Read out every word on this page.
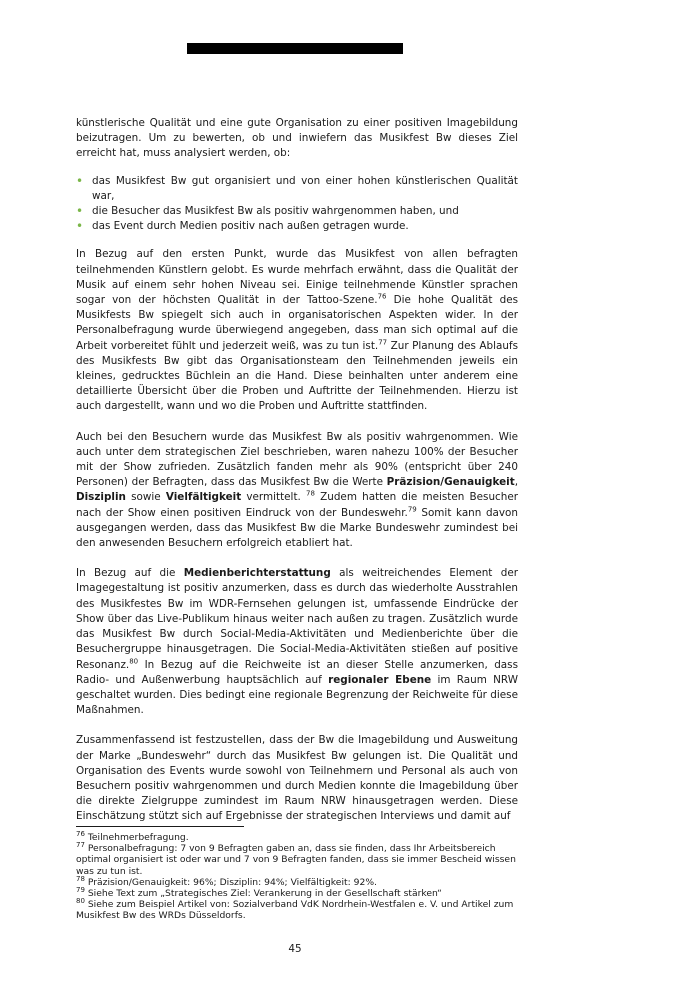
künstlerische Qualität und eine gute Organisation zu einer positiven Imagebildung beizutragen. Um zu bewerten, ob und inwiefern das Musikfest Bw dieses Ziel erreicht hat, muss analysiert werden, ob:

• das Musikfest Bw gut organisiert und von einer hohen künstlerischen Qualität war,
• die Besucher das Musikfest Bw als positiv wahrgenommen haben, und
• das Event durch Medien positiv nach außen getragen wurde.

In Bezug auf den ersten Punkt, wurde das Musikfest von allen befragten teilnehmenden Künstlern gelobt. Es wurde mehrfach erwähnt, dass die Qualität der Musik auf einem sehr hohen Niveau sei. Einige teilnehmende Künstler sprachen sogar von der höchsten Qualität in der Tattoo-Szene.$^{76}$ Die hohe Qualität des Musikfests Bw spiegelt sich auch in organisatorischen Aspekten wider. In der Personalbefragung wurde überwiegend angegeben, dass man sich optimal auf die Arbeit vorbereitet fühlt und jederzeit weiß, was zu tun ist.$^{77}$ Zur Planung des Ablaufs des Musikfests Bw gibt das Organisationsteam den Teilnehmenden jeweils ein kleines, gedrucktes Büchlein an die Hand. Diese beinhalten unter anderem eine detaillierte Übersicht über die Proben und Auftritte der Teilnehmenden. Hierzu ist auch dargestellt, wann und wo die Proben und Auftritte stattfinden.

Auch bei den Besuchern wurde das Musikfest Bw als positiv wahrgenommen. Wie auch unter dem strategischen Ziel beschrieben, waren nahezu 100% der Besucher mit der Show zufrieden. Zusätzlich fanden mehr als 90% (entspricht über 240 Personen) der Befragten, dass das Musikfest Bw die Werte Präzision/Genauigkeit, Disziplin sowie Vielfältigkeit vermittelt. $^{78}$ Zudem hatten die meisten Besucher nach der Show einen positiven Eindruck von der Bundeswehr.$^{79}$ Somit kann davon ausgegangen werden, dass das Musikfest Bw die Marke Bundeswehr zumindest bei den anwesenden Besuchern erfolgreich etabliert hat.

In Bezug auf die Medienberichterstattung als weitreichendes Element der Imagegestaltung ist positiv anzumerken, dass es durch das wiederholte Ausstrahlen des Musikfestes Bw im WDR-Fernsehen gelungen ist, umfassende Eindrücke der Show über das Live-Publikum hinaus weiter nach außen zu tragen. Zusätzlich wurde das Musikfest Bw durch Social-Media-Aktivitäten und Medienberichte über die Besuchergruppe hinausgetragen. Die Social-Media-Aktivitäten stießen auf positive Resonanz.$^{80}$ In Bezug auf die Reichweite ist an dieser Stelle anzumerken, dass Radio- und Außenwerbung hauptsächlich auf regionaler Ebene im Raum NRW geschaltet wurden. Dies bedingt eine regionale Begrenzung der Reichweite für diese Maßnahmen.

Zusammenfassend ist festzustellen, dass der Bw die Imagebildung und Ausweitung der Marke „Bundeswehr“ durch das Musikfest Bw gelungen ist. Die Qualität und Organisation des Events wurde sowohl von Teilnehmern und Personal als auch von Besuchern positiv wahrgenommen und durch Medien konnte die Imagebildung über die direkte Zielgruppe zumindest im Raum NRW hinausgetragen werden. Diese Einschätzung stützt sich auf Ergebnisse der strategischen Interviews und damit auf

$^{76}$ Teilnehmerbefragung.

$^{77}$ Personalbefragung: 7 von 9 Befragten gaben an, dass sie finden, dass Ihr Arbeitsbereich optimal organisiert ist oder war und 7 von 9 Befragten fanden, dass sie immer Bescheid wissen was zu tun ist.

$^{78}$ Präzision/Genauigkeit: 96%; Disziplin: 94%; Vielfältigkeit: 92%.

$^{79}$ Siehe Text zum „Strategisches Ziel: Verankerung in der Gesellschaft stärken“

$^{80}$ Siehe zum Beispiel Artikel von: Sozialverband VdK Nordrhein-Westfalen e. V. und Artikel zum Musikfest Bw des WRDs Düsseldorfs.

45
